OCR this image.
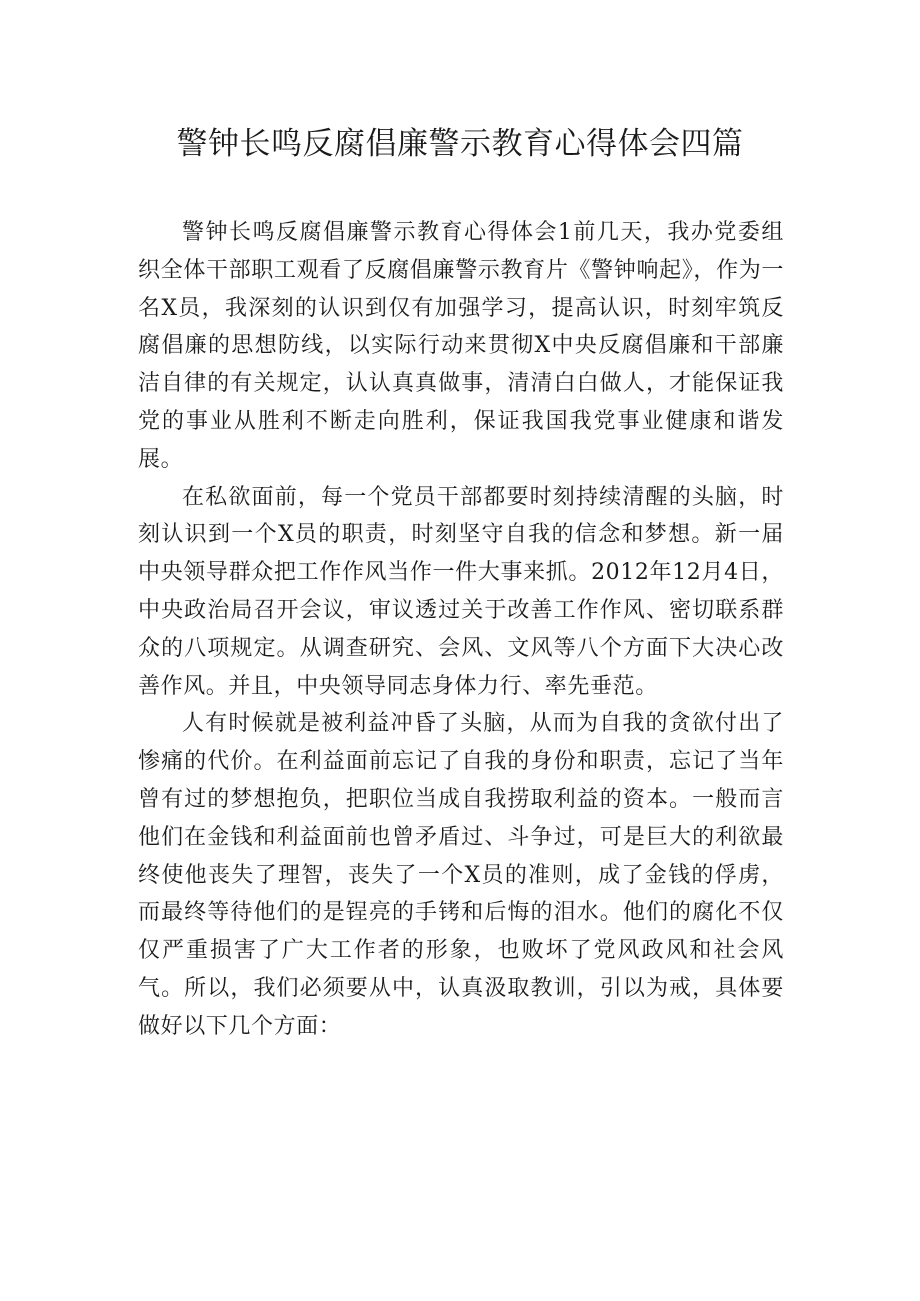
警钟长鸣反腐倡廉警示教育心得体会四篇

警钟长鸣反腐倡廉警示教育心得体会1前几天，我办党委组织全体干部职工观看了反腐倡廉警示教育片《警钟响起》，作为一名X员，我深刻的认识到仅有加强学习，提高认识，时刻牢筑反腐倡廉的思想防线，以实际行动来贯彻X中央反腐倡廉和干部廉洁自律的有关规定，认认真真做事，清清白白做人，才能保证我党的事业从胜利不断走向胜利，保证我国我党事业健康和谐发展。

在私欲面前，每一个党员干部都要时刻持续清醒的头脑，时刻认识到一个X员的职责，时刻坚守自我的信念和梦想。新一届中央领导群众把工作作风当作一件大事来抓。2012年12月4日，中央政治局召开会议，审议透过关于改善工作作风、密切联系群众的八项规定。从调查研究、会风、文风等八个方面下大决心改善作风。并且，中央领导同志身体力行、率先垂范。

人有时候就是被利益冲昏了头脑，从而为自我的贪欲付出了惨痛的代价。在利益面前忘记了自我的身份和职责，忘记了当年曾有过的梦想抱负，把职位当成自我捞取利益的资本。一般而言他们在金钱和利益面前也曾矛盾过、斗争过，可是巨大的利欲最终使他丧失了理智，丧失了一个X员的准则，成了金钱的俘虏，而最终等待他们的是锃亮的手铐和后悔的泪水。他们的腐化不仅仅严重损害了广大工作者的形象，也败坏了党风政风和社会风气。所以，我们必须要从中，认真汲取教训，引以为戒，具体要做好以下几个方面：
